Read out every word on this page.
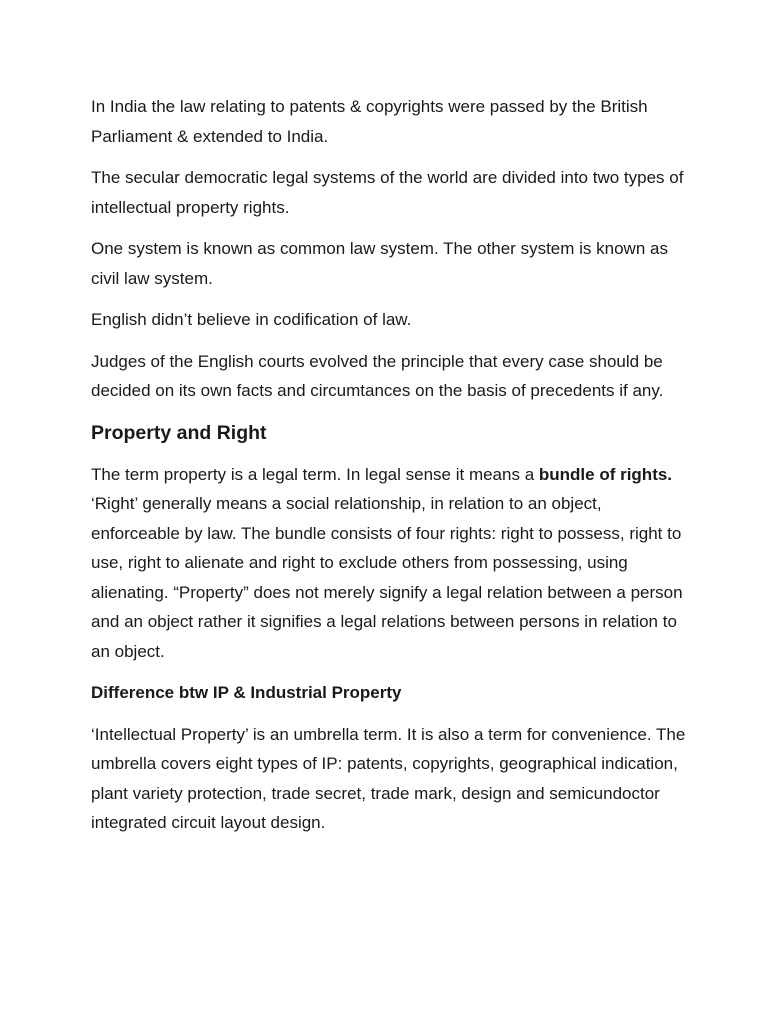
In India the law relating to patents & copyrights were passed by the British Parliament & extended to India.

The secular democratic legal systems of the world are divided into two types of intellectual property rights.

One system is known as common law system. The other system is known as civil law system.

English didn’t believe in codification of law.

Judges of the English courts evolved the principle that every case should be decided on its own facts and circumtances on the basis of precedents if any.

Property and Right

The term property is a legal term. In legal sense it means a bundle of rights. ‘Right’ generally means a social relationship, in relation to an object, enforceable by law. The bundle consists of four rights: right to possess, right to use, right to alienate and right to exclude others from possessing, using alienating. “Property” does not merely signify a legal relation between a person and an object rather it signifies a legal relations between persons in relation to an object.

Difference btw IP & Industrial Property

‘Intellectual Property’ is an umbrella term. It is also a term for convenience. The umbrella covers eight types of IP: patents, copyrights, geographical indication, plant variety protection, trade secret, trade mark, design and semicundoctor integrated circuit layout design.
